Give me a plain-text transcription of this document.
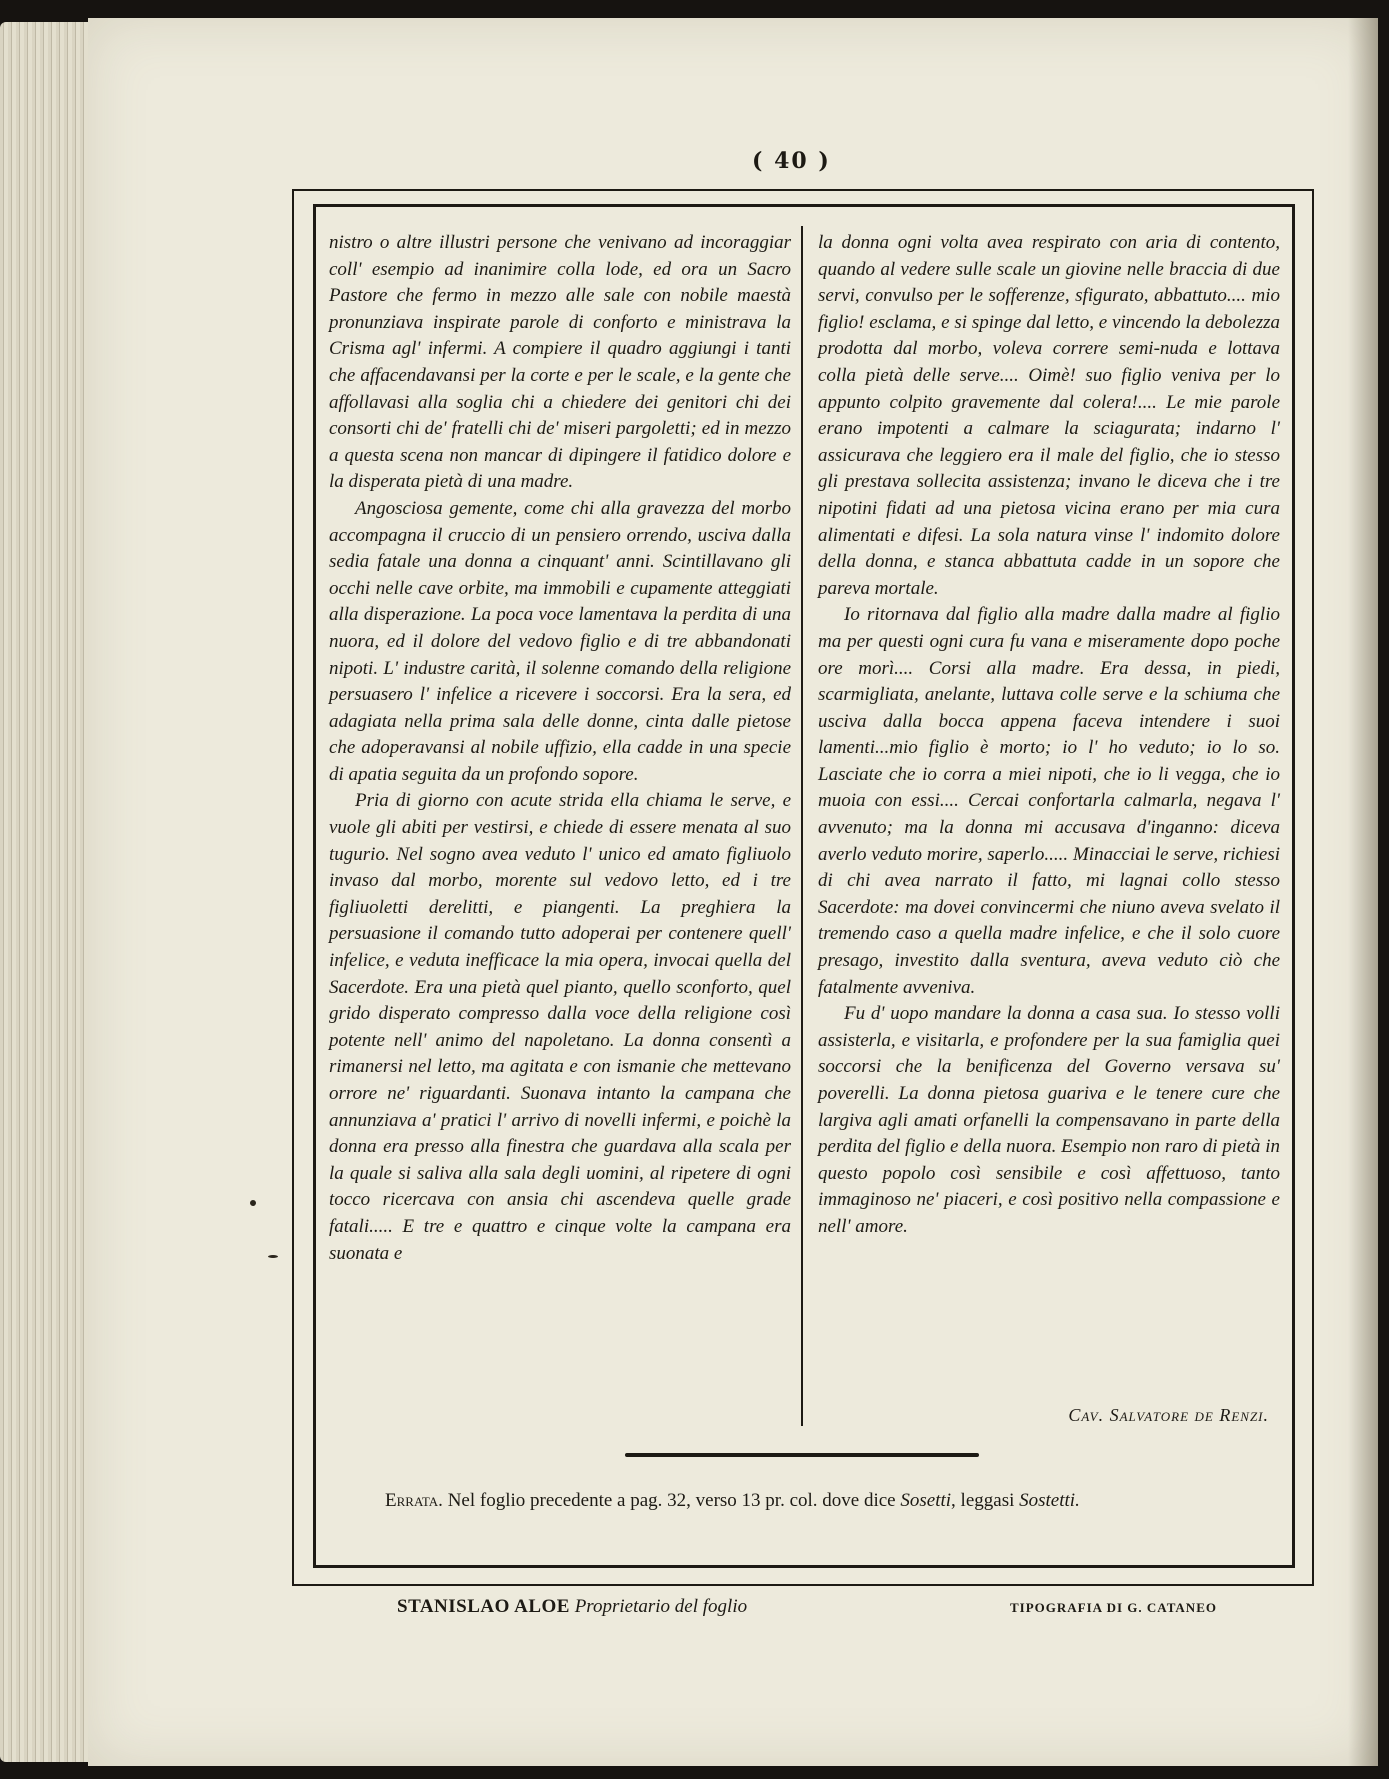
( 40 )

nistro o altre illustri persone che venivano ad incoraggiar coll' esempio ad inanimire colla lode, ed ora un Sacro Pastore che fermo in mezzo alle sale con nobile maestà pronunziava inspirate parole di conforto e ministrava la Crisma agl' infermi. A compiere il quadro aggiungi i tanti che affacendavansi per la corte e per le scale, e la gente che affollavasi alla soglia chi a chiedere dei genitori chi dei consorti chi de' fratelli chi de' miseri pargoletti; ed in mezzo a questa scena non mancar di dipingere il fatidico dolore e la disperata pietà di una madre.

Angosciosa gemente, come chi alla gravezza del morbo accompagna il cruccio di un pensiero orrendo, usciva dalla sedia fatale una donna a cinquant' anni. Scintillavano gli occhi nelle cave orbite, ma immobili e cupamente atteggiati alla disperazione. La poca voce lamentava la perdita di una nuora, ed il dolore del vedovo figlio e di tre abbandonati nipoti. L' industre carità, il solenne comando della religione persuasero l' infelice a ricevere i soccorsi. Era la sera, ed adagiata nella prima sala delle donne, cinta dalle pietose che adoperavansi al nobile uffizio, ella cadde in una specie di apatia seguita da un profondo sopore.

Pria di giorno con acute strida ella chiama le serve, e vuole gli abiti per vestirsi, e chiede di essere menata al suo tugurio. Nel sogno avea veduto l' unico ed amato figliuolo invaso dal morbo, morente sul vedovo letto, ed i tre figliuoletti derelitti, e piangenti. La preghiera la persuasione il comando tutto adoperai per contenere quell' infelice, e veduta inefficace la mia opera, invocai quella del Sacerdote. Era una pietà quel pianto, quello sconforto, quel grido disperato compresso dalla voce della religione così potente nell' animo del napoletano. La donna consentì a rimanersi nel letto, ma agitata e con ismanie che mettevano orrore ne' riguardanti. Suonava intanto la campana che annunziava a' pratici l' arrivo di novelli infermi, e poichè la donna era presso alla finestra che guardava alla scala per la quale si saliva alla sala degli uomini, al ripetere di ogni tocco ricercava con ansia chi ascendeva quelle grade fatali..... E tre e quattro e cinque volte la campana era suonata e

la donna ogni volta avea respirato con aria di contento, quando al vedere sulle scale un giovine nelle braccia di due servi, convulso per le sofferenze, sfigurato, abbattuto.... mio figlio! esclama, e si spinge dal letto, e vincendo la debolezza prodotta dal morbo, voleva correre semi-nuda e lottava colla pietà delle serve.... Oimè! suo figlio veniva per lo appunto colpito gravemente dal colera!.... Le mie parole erano impotenti a calmare la sciagurata; indarno l' assicurava che leggiero era il male del figlio, che io stesso gli prestava sollecita assistenza; invano le diceva che i tre nipotini fidati ad una pietosa vicina erano per mia cura alimentati e difesi. La sola natura vinse l' indomito dolore della donna, e stanca abbattuta cadde in un sopore che pareva mortale.

Io ritornava dal figlio alla madre dalla madre al figlio ma per questi ogni cura fu vana e miseramente dopo poche ore morì.... Corsi alla madre. Era dessa, in piedi, scarmigliata, anelante, luttava colle serve e la schiuma che usciva dalla bocca appena faceva intendere i suoi lamenti...mio figlio è morto; io l' ho veduto; io lo so. Lasciate che io corra a miei nipoti, che io li vegga, che io muoia con essi.... Cercai confortarla calmarla, negava l' avvenuto; ma la donna mi accusava d'inganno: diceva averlo veduto morire, saperlo..... Minacciai le serve, richiesi di chi avea narrato il fatto, mi lagnai collo stesso Sacerdote: ma dovei convincermi che niuno aveva svelato il tremendo caso a quella madre infelice, e che il solo cuore presago, investito dalla sventura, aveva veduto ciò che fatalmente avveniva.

Fu d' uopo mandare la donna a casa sua. Io stesso volli assisterla, e visitarla, e profondere per la sua famiglia quei soccorsi che la benificenza del Governo versava su' poverelli. La donna pietosa guariva e le tenere cure che largiva agli amati orfanelli la compensavano in parte della perdita del figlio e della nuora. Esempio non raro di pietà in questo popolo così sensibile e così affettuoso, tanto immaginoso ne' piaceri, e così positivo nella compassione e nell' amore.

Cav. Salvatore de Renzi.
Errata. Nel foglio precedente a pag. 32, verso 13 pr. col. dove dice Sosetti, leggasi Sostetti.
STANISLAO ALOE Proprietario del foglio	TIPOGRAFIA DI G. CATANEO
